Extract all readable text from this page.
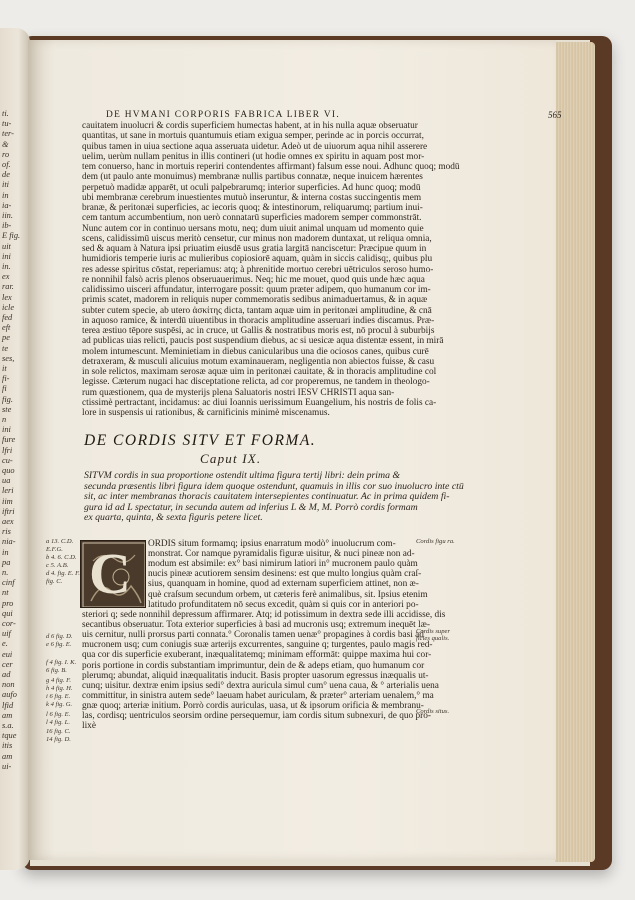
ti.
tu-
ter-
&
ro
of.
de
iti
in
ia-
iin.
ib-
E fig.
uit
ini
in.
ex
rar.
lex
icle
fed
eft
pe
te
ses,
it
fi-
fi
fig.
ste
n
ini
fure
lfri
cu-
quo
ua
leri
iim
iftri
aex
ris
nia-
in
pa
n.
cinf
nt
pro
qui
cor-
uif
e.
eui
cer
ad
non
aufo
lfid
am
s.a.
tque
itis
am
ui-
DE HVMANI CORPORIS FABRICA LIBER VI.	565
cauitatem inuolucri & cordis superficiem humectas habent, at in his nulla aquæ obseruatur
quantitas, ut sane in mortuis quantumuis etiam exigua semper, perinde ac in porcis occurrat,
quibus tamen in uiua sectione aqua asseruata uidetur. Adeò ut de uiuorum aqua nihil asserere
uelim, uerùm nullam penitus in illis contineri (ut hodie omnes ex spiritu in aquam post mor-
tem conuerso, hanc in mortuis reperiri contendentes affirmant) falsum esse noui. Adhunc quoq; modū
dem (ut paulo ante monuimus) membranæ nullis partibus connatæ, neque inuicem hærentes
perpetuò madidæ apparēt, ut oculi palpebrarumq; interior superficies. Ad hunc quoq; modū
ubi membranæ cerebrum inuestientes mutuò inseruntur, & interna costas succingentis mem
branæ, & peritonæi superficies, ac iecoris quoq; & intestinorum, reliquarumq; partium inui-
cem tantum accumbentium, non uerò connatarū superficies madorem semper commonstrāt.
Nunc autem cor in continuo uersans motu, neq; dum uiuit animal unquam ud momento quie
scens, calidissimū uiscus meritò censetur, cur minus non madorem duntaxat, ut reliqua omnia,
sed & aquam à Natura ipsi priuatim eiusdē usus gratia largitā nanciscetur: Præcipue quum in
humidioris temperie iuris ac mulieribus copiosiorē aquam, quàm in siccis calidisq;, quibus plu
res adesse spiritus cōstat, reperiamus: atq; à phrenitide mortuo cerebri uētriculos seroso humo-
re nonnihil falsò acris plenos obseruauerimus. Neq; hic me mouet, quod quis unde hæc aqua
calidissimo uisceri affundatur, interrogare possit: quum præter adipem, quo humanum cor im-
primis scatet, madorem in reliquis nuper commemoratis sedibus animaduertamus, & in aquæ
subter cutem specie, ab utero ἀσκίτης dicta, tantam aquæ uim in peritonæi amplitudine, & cnā
in aquoso ramice, & interdū uiuentibus in thoracis amplitudine asseruari indies discamus. Præ-
terea æstiuo tēpore suspēsi, ac in cruce, ut Gallis & nostratibus moris est, nō procul à suburbijs
ad publicas uias relicti, paucis post suspendium diebus, ac si uesicæ aqua distentæ essent, in mirā
molem intumescunt. Meminietiam in diebus canicularibus una die ociosos canes, quibus curē
detraxeram, & musculi alicuius motum examinaueram, negligentia non abiectos fuisse, & casu
in sole relictos, maximam serosæ aquæ uim in peritonæi cauitate, & in thoracis amplitudine col
legisse. Cæterum nugaci hac disceptatione relicta, ad cor properemus, ne tandem in theologo-
rum quæstionem, qua de mysterijs plena Saluatoris nostri IESV CHRISTI aqua san-
ctissimè pertractant, incidamus: ac diui Ioannis uerissimum Euangelium, his nostris de folis ca-
lore in suspensis ui rationibus, & carnificinis minimè miscenamus.
DE CORDIS SITV ET FORMA.
Caput IX.
SITVM cordis in sua proportione ostendit ultima figura tertij libri: dein prima &
secunda præsentis libri figura idem quoque ostendunt, quamuis in illis cor suo inuolucro inte ctū
sit, ac inter membranas thoracis cauitatem intersepientes continuatur. Ac in prima quidem fi-
gura id ad L spectatur, in secunda autem ad inferius L & M, M. Porrò cordis formam
ex quarta, quinta, & sexta figuris petere licet.
C ORDIS situm formamq; ipsius enarratum modò° inuolucrum com-
monstrat. Cor namque pyramidalis figuræ uisitur, & nuci pineæ non ad-
modum est absimile: ex° basi nimirum latiori in° mucronem paulo quàm
nucis pineæ acutiorem sensim desinens: est que multo longius quàm craſ-
sius, quanquam in homine, quod ad externam superficiem attinet, non æ-
què craſsum secundum orbem, ut cæteris ferè animalibus, sit. Ipsius etenim
latitudo profunditatem nō secus excedit, quàm si quis cor in anteriori po-
steriori q; sede nonnihil depressum affirmarer. Atq; id potissimum in dextra sede illi accidisse, dis
secantibus obseruatur. Tota exterior superficies à basi ad mucronis usq; extremum inequēt læ-
uis cernitur, nulli prorsus parti connata.° Coronalis tamen uenæ° propagines à cordis basi ad
mucronem usq; cum coniugis suæ arterijs excurrentes, sanguine q; turgentes, paulo magis red-
qua cor dis superficie exuberant, inæqualitatemq; minimam efformāt: quippe maxima hui cor-
poris portione in cordis substantiam imprimuntur, dein de & adeps etiam, quo humanum cor
plerumq; abundat, aliquid inæqualitatis inducit. Basis propter uasorum egressus inæqualis ut-
cunq; uisitur. dextræ enim ipsius sedi° dextra auricula simul cum° uena caua, & ° arterialis uena
committitur, in sinistra autem sede° laeuam habet auriculam, & præter° arteriam uenalem,° ma
gnæ quoq; arteriæ initium. Porrò cordis auriculas, uasa, ut & ipsorum orificia & membranu-
las, cordisq; uentriculos seorsim ordine persequemur, iam cordis situm subnexuri, de quo pro-
lixè
a 13. C.D.
E.F.G.
b 4. 6. C.D.
c 5. A.B.
d 4. fig. E. F.
fig. C.
d 6 fig. D.
e 6 fig. E.
f 4 fig. I. K.
6 fig. B.
g 4 fig. F.
h 4 fig. H.
i 6 fig. E.
k 4 fig. G.
l 6 fig. E.
l 4 fig. L.
16 fig. C.
14 fig. D.
Cordis figu ra.
Cordis super ficies qualis.
Cordis situs.
